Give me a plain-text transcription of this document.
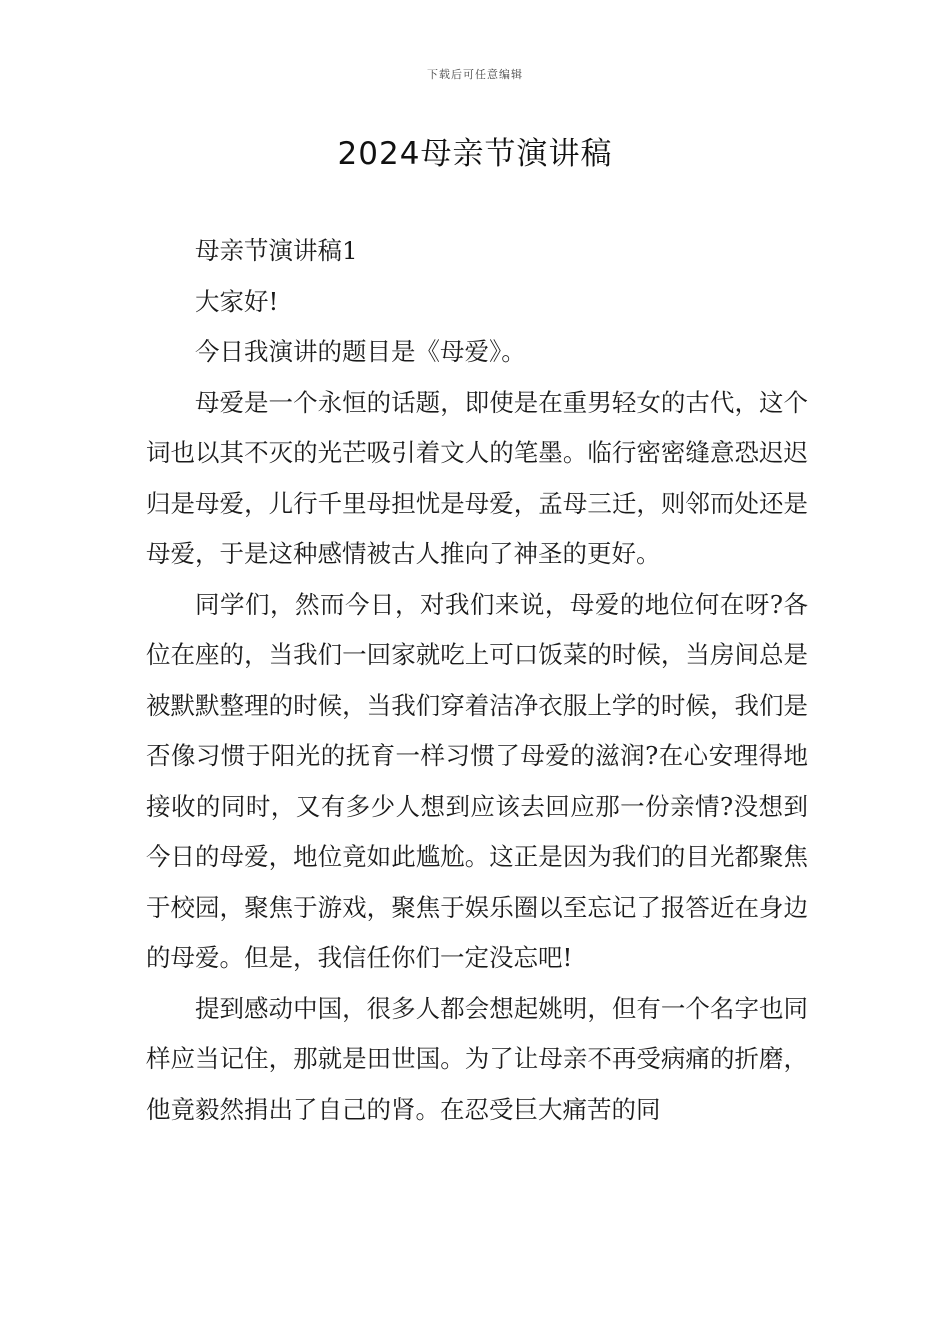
下载后可任意编辑
2024母亲节演讲稿

母亲节演讲稿1

大家好!

今日我演讲的题目是《母爱》。

母爱是一个永恒的话题，即使是在重男轻女的古代，这个词也以其不灭的光芒吸引着文人的笔墨。临行密密缝意恐迟迟归是母爱，儿行千里母担忧是母爱，孟母三迁，则邻而处还是母爱，于是这种感情被古人推向了神圣的更好。

同学们，然而今日，对我们来说，母爱的地位何在呀?各位在座的，当我们一回家就吃上可口饭菜的时候，当房间总是被默默整理的时候，当我们穿着洁净衣服上学的时候，我们是否像习惯于阳光的抚育一样习惯了母爱的滋润?在心安理得地接收的同时，又有多少人想到应该去回应那一份亲情?没想到今日的母爱，地位竟如此尴尬。这正是因为我们的目光都聚焦于校园，聚焦于游戏，聚焦于娱乐圈以至忘记了报答近在身边的母爱。但是，我信任你们一定没忘吧!

提到感动中国，很多人都会想起姚明，但有一个名字也同样应当记住，那就是田世国。为了让母亲不再受病痛的折磨，他竟毅然捐出了自己的肾。在忍受巨大痛苦的同
